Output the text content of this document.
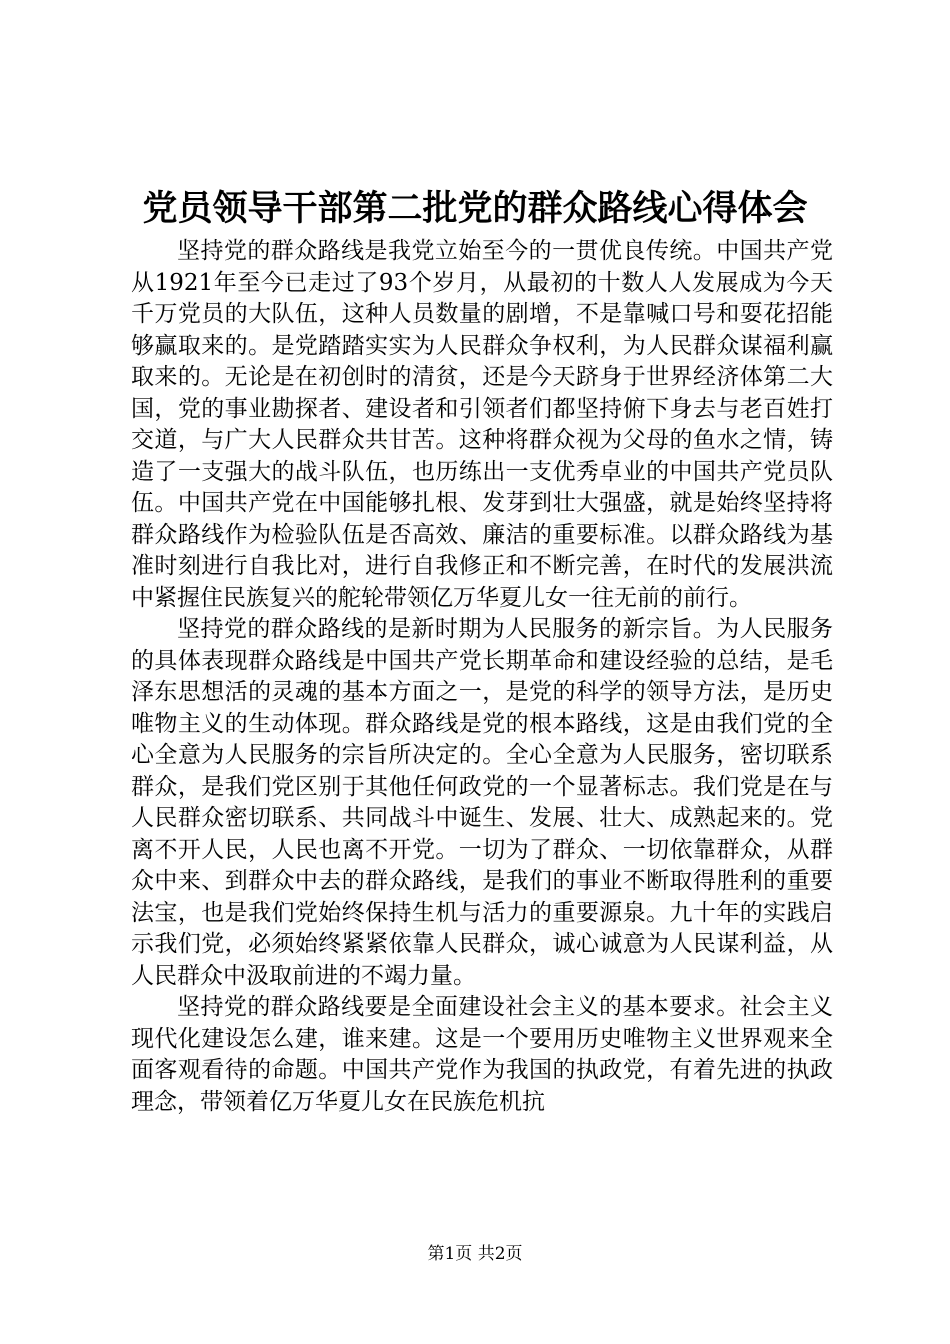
党员领导干部第二批党的群众路线心得体会

坚持党的群众路线是我党立始至今的一贯优良传统。中国共产党从1921年至今已走过了93个岁月，从最初的十数人人发展成为今天千万党员的大队伍，这种人员数量的剧增，不是靠喊口号和耍花招能够赢取来的。是党踏踏实实为人民群众争权利，为人民群众谋福利赢取来的。无论是在初创时的清贫，还是今天跻身于世界经济体第二大国，党的事业勘探者、建设者和引领者们都坚持俯下身去与老百姓打交道，与广大人民群众共甘苦。这种将群众视为父母的鱼水之情，铸造了一支强大的战斗队伍，也历练出一支优秀卓业的中国共产党员队伍。中国共产党在中国能够扎根、发芽到壮大强盛，就是始终坚持将群众路线作为检验队伍是否高效、廉洁的重要标准。以群众路线为基准时刻进行自我比对，进行自我修正和不断完善，在时代的发展洪流中紧握住民族复兴的舵轮带领亿万华夏儿女一往无前的前行。

坚持党的群众路线的是新时期为人民服务的新宗旨。为人民服务的具体表现群众路线是中国共产党长期革命和建设经验的总结，是毛泽东思想活的灵魂的基本方面之一，是党的科学的领导方法，是历史唯物主义的生动体现。群众路线是党的根本路线，这是由我们党的全心全意为人民服务的宗旨所决定的。全心全意为人民服务，密切联系群众，是我们党区别于其他任何政党的一个显著标志。我们党是在与人民群众密切联系、共同战斗中诞生、发展、壮大、成熟起来的。党离不开人民，人民也离不开党。一切为了群众、一切依靠群众，从群众中来、到群众中去的群众路线，是我们的事业不断取得胜利的重要法宝，也是我们党始终保持生机与活力的重要源泉。九十年的实践启示我们党，必须始终紧紧依靠人民群众，诚心诚意为人民谋利益，从人民群众中汲取前进的不竭力量。

坚持党的群众路线要是全面建设社会主义的基本要求。社会主义现代化建设怎么建，谁来建。这是一个要用历史唯物主义世界观来全面客观看待的命题。中国共产党作为我国的执政党，有着先进的执政理念，带领着亿万华夏儿女在民族危机抗

第1页 共2页
